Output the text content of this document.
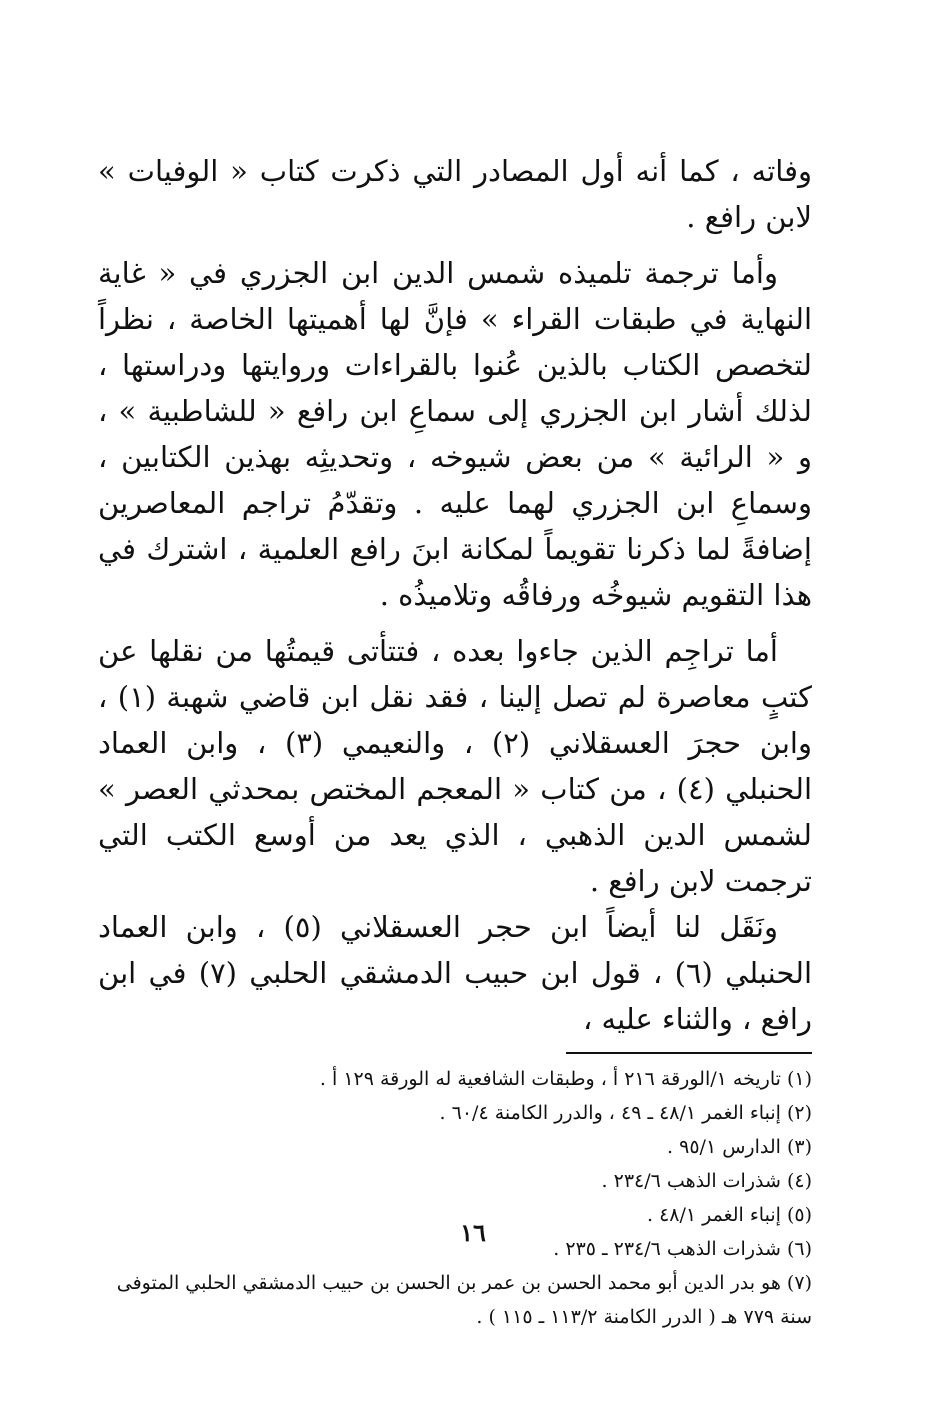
وفاته ، كما أنه أول المصادر التي ذكرت كتاب « الوفيات » لابن رافع .

وأما ترجمة تلميذه شمس الدين ابن الجزري في « غاية النهاية في طبقات القراء » فإنَّ لها أهميتها الخاصة ، نظراً لتخصص الكتاب بالذين عُنوا بالقراءات وروايتها ودراستها ، لذلك أشار ابن الجزري إلى سماعِ ابن رافع « للشاطبية » ، و « الرائية » من بعض شيوخه ، وتحديثِه بهذين الكتابين ، وسماعِ ابن الجزري لهما عليه . وتقدّمُ تراجم المعاصرين إضافةً لما ذكرنا تقويماً لمكانة ابنَ رافع العلمية ، اشترك في هذا التقويم شيوخُه ورفاقُه وتلاميذُه .

أما تراجِم الذين جاءوا بعده ، فتتأتى قيمتُها من نقلها عن كتبٍ معاصرة لم تصل إلينا ، فقد نقل ابن قاضي شهبة (١) ، وابن حجرَ العسقلاني (٢) ، والنعيمي (٣) ، وابن العماد الحنبلي (٤) ، من كتاب « المعجم المختص بمحدثي العصر » لشمس الدين الذهبي ، الذي يعد من أوسع الكتب التي ترجمت لابن رافع .

ونَقَل لنا أيضاً ابن حجر العسقلاني (٥) ، وابن العماد الحنبلي (٦) ، قول ابن حبيب الدمشقي الحلبي (٧) في ابن رافع ، والثناء عليه ،

(١) تاريخه ١/الورقة ٢١٦ أ ، وطبقات الشافعية له الورقة ١٢٩ أ .

(٢) إنباء الغمر ٤٨/١ ـ ٤٩ ، والدرر الكامنة ٦٠/٤ .

(٣) الدارس ٩٥/١ .

(٤) شذرات الذهب ٢٣٤/٦ .

(٥) إنباء الغمر ٤٨/١ .

(٦) شذرات الذهب ٢٣٤/٦ ـ ٢٣٥ .

(٧) هو بدر الدين أبو محمد الحسن بن عمر بن الحسن بن حبيب الدمشقي الحلبي المتوفى سنة ٧٧٩ هـ ( الدرر الكامنة ١١٣/٢ ـ ١١٥ ) .

١٦
